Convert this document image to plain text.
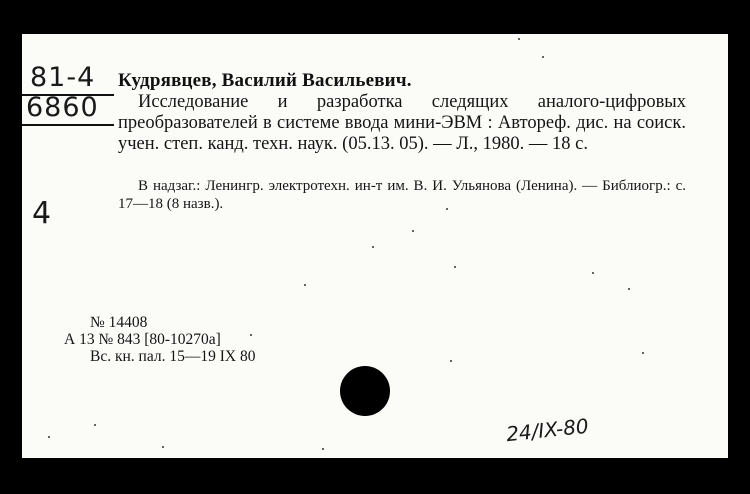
81-4
6860
Кудрявцев, Василий Васильевич.
Исследование и разработка следящих аналого-цифровых преобразователей в системе ввода мини-ЭВМ : Автореф. дис. на соиск. учен. степ. канд. техн. наук. (05.13. 05). — Л., 1980. — 18 с.
В надзаг.: Ленингр. электротехн. ин-т им. В. И. Ульянова (Ленина). — Библиогр.: с. 17—18 (8 назв.).
4
№ 14408
А 13 № 843 [80-10270а]
Вс. кн. пал. 15—19 IX 80
24/IX-80
